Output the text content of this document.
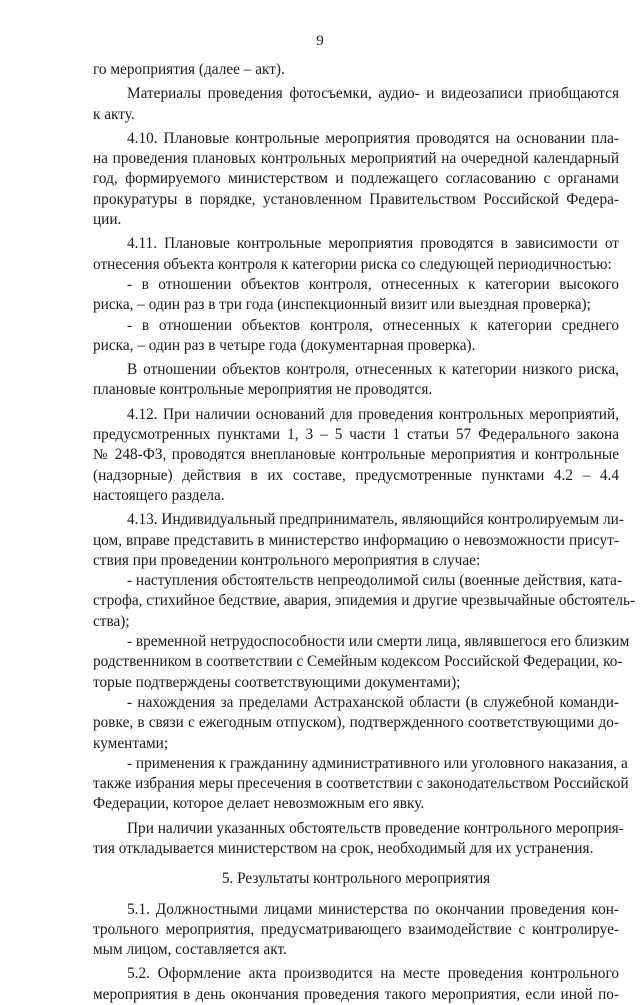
9
го мероприятия (далее – акт).
Материалы проведения фотосъемки, аудио- и видеозаписи приобщаются
к акту.
4.10. Плановые контрольные мероприятия проводятся на основании пла-
на проведения плановых контрольных мероприятий на очередной календарный
год, формируемого министерством и подлежащего согласованию с органами
прокуратуры в порядке, установленном Правительством Российской Федера-
ции.
4.11. Плановые контрольные мероприятия проводятся в зависимости от
отнесения объекта контроля к категории риска со следующей периодичностью:
- в отношении объектов контроля, отнесенных к категории высокого
риска, – один раз в три года (инспекционный визит или выездная проверка);
- в отношении объектов контроля, отнесенных к категории среднего
риска, – один раз в четыре года (документарная проверка).
В отношении объектов контроля, отнесенных к категории низкого риска,
плановые контрольные мероприятия не проводятся.
4.12. При наличии оснований для проведения контрольных мероприятий,
предусмотренных пунктами 1, 3 – 5 части 1 статьи 57 Федерального закона
№ 248-ФЗ, проводятся внеплановые контрольные мероприятия и контрольные
(надзорные) действия в их составе, предусмотренные пунктами 4.2 – 4.4
настоящего раздела.
4.13. Индивидуальный предприниматель, являющийся контролируемым ли-
цом, вправе представить в министерство информацию о невозможности присут-
ствия при проведении контрольного мероприятия в случае:
- наступления обстоятельств непреодолимой силы (военные действия, ката-
строфа, стихийное бедствие, авария, эпидемия и другие чрезвычайные обстоятель-
ства);
- временной нетрудоспособности или смерти лица, являвшегося его близким
родственником в соответствии с Семейным кодексом Российской Федерации, ко-
торые подтверждены соответствующими документами);
- нахождения за пределами Астраханской области (в служебной команди-
ровке, в связи с ежегодным отпуском), подтвержденного соответствующими до-
кументами;
- применения к гражданину административного или уголовного наказания, а
также избрания меры пресечения в соответствии с законодательством Российской
Федерации, которое делает невозможным его явку.
При наличии указанных обстоятельств проведение контрольного мероприя-
тия откладывается министерством на срок, необходимый для их устранения.
5. Результаты контрольного мероприятия
5.1. Должностными лицами министерства по окончании проведения кон-
трольного мероприятия, предусматривающего взаимодействие с контролируе-
мым лицом, составляется акт.
5.2. Оформление акта производится на месте проведения контрольного
мероприятия в день окончания проведения такого мероприятия, если иной по-
